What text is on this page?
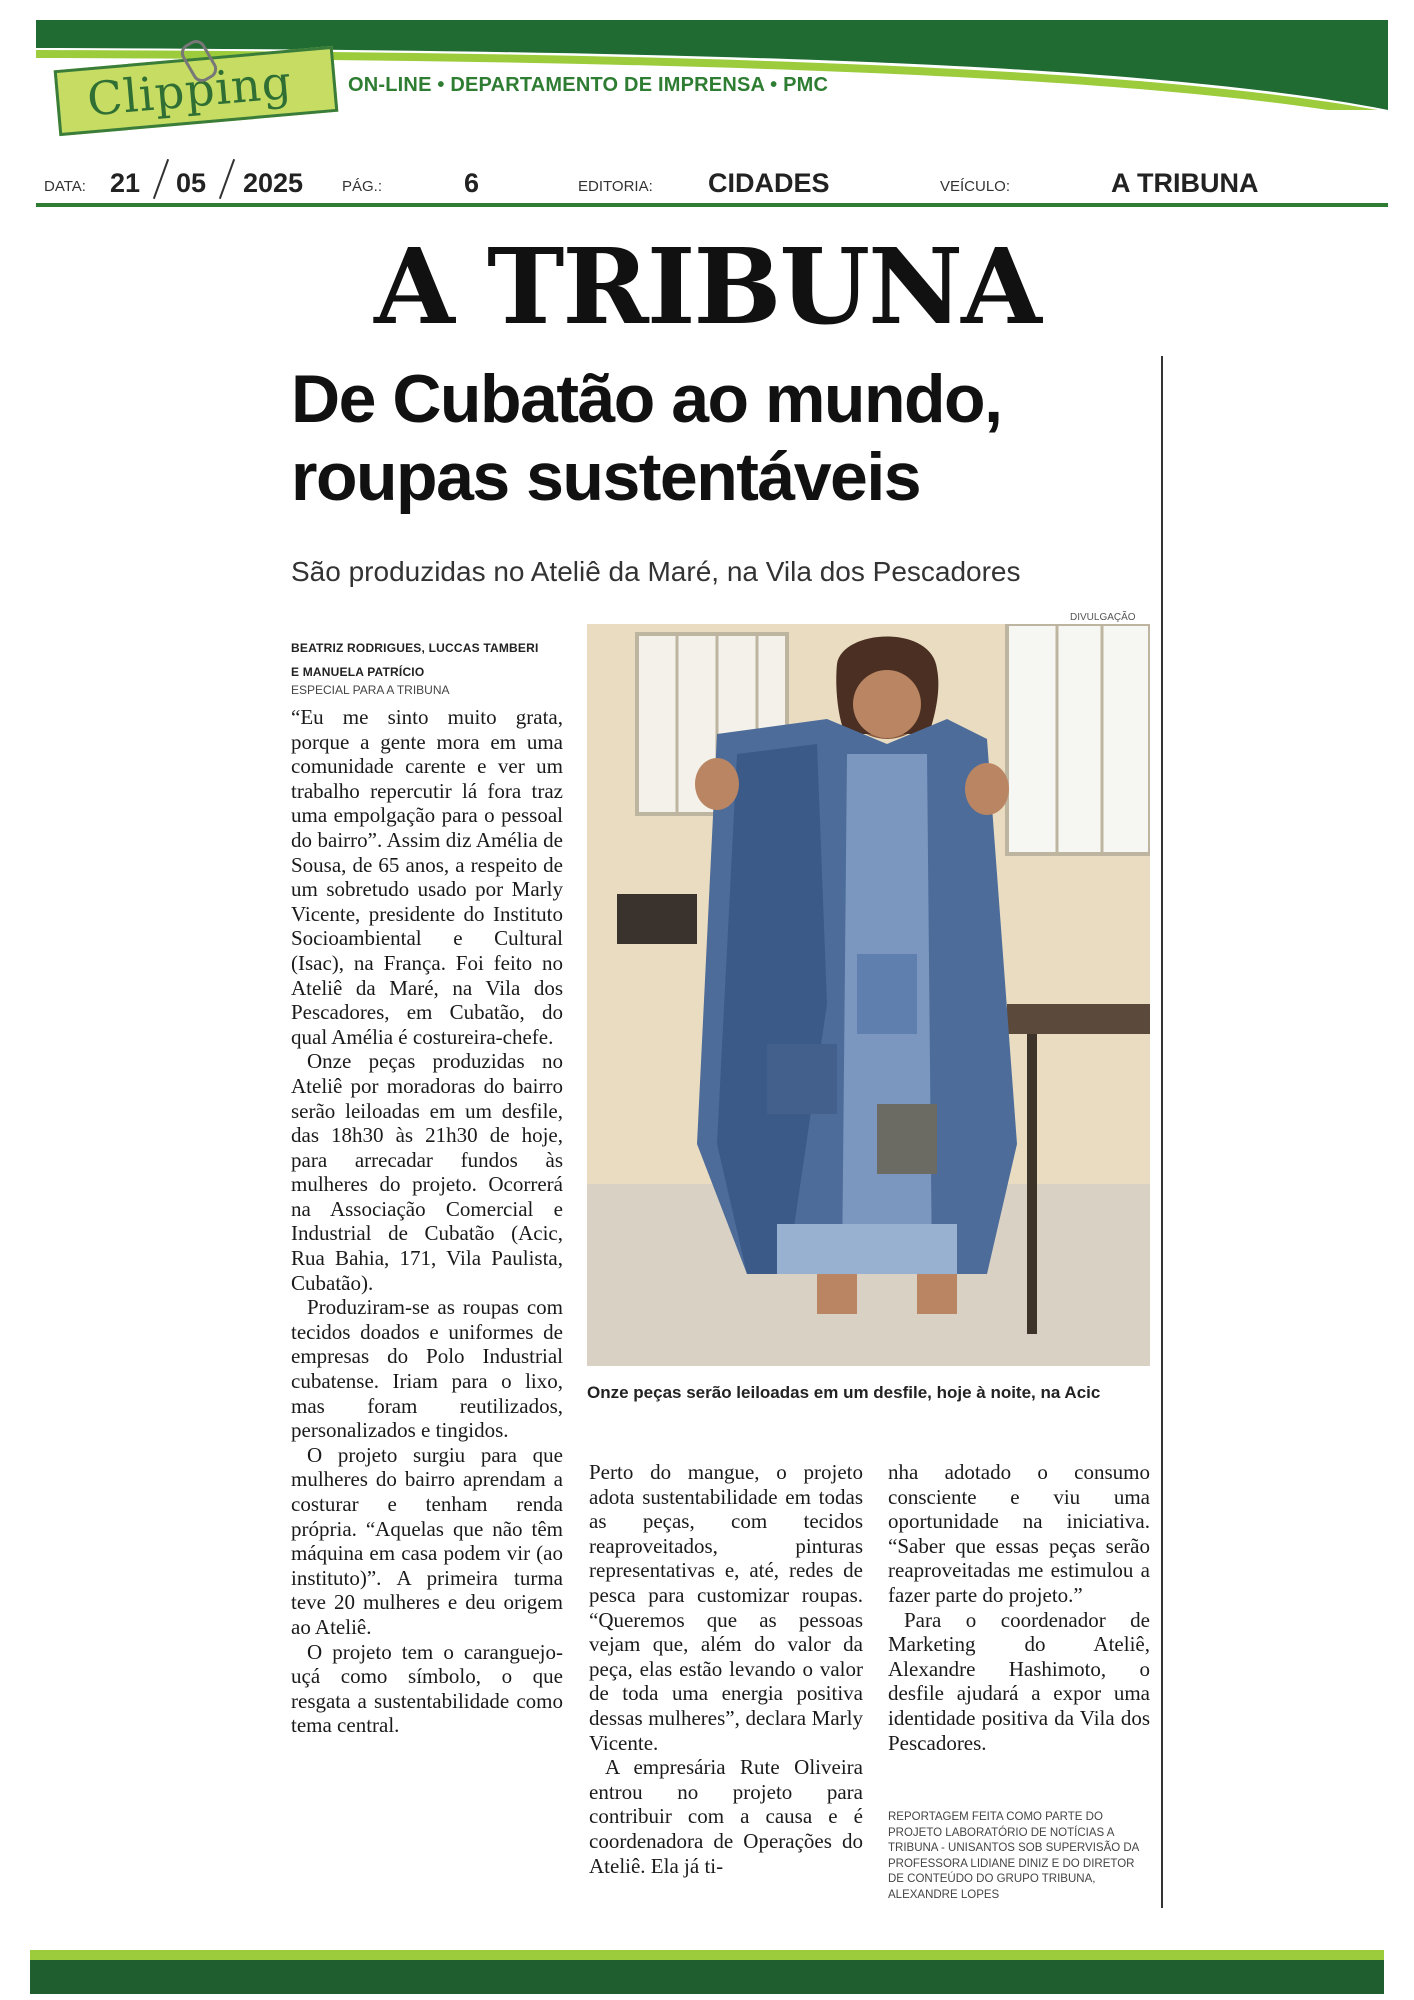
Clipping	ON-LINE • DEPARTAMENTO DE IMPRENSA • PMC
DATA: 21 05 2025	PÁG.:	6	EDITORIA: CIDADES	VEÍCULO:	A TRIBUNA
A TRIBUNA
De Cubatão ao mundo,
roupas sustentáveis
São produzidas no Ateliê da Maré, na Vila dos Pescadores
BEATRIZ RODRIGUES, LUCCAS TAMBERI
E MANUELA PATRÍCIO
ESPECIAL PARA A TRIBUNA
DIVULGAÇÃO
Onze peças serão leiloadas em um desfile, hoje à noite, na Acic

“Eu me sinto muito grata, porque a gente mora em uma comunidade carente e ver um trabalho repercutir lá fora traz uma empolgação para o pessoal do bairro”. Assim diz Amélia de Sousa, de 65 anos, a respeito de um sobretudo usado por Marly Vicente, presidente do Instituto Socioambiental e Cultural (Isac), na França. Foi feito no Ateliê da Maré, na Vila dos Pescadores, em Cubatão, do qual Amélia é costureira-chefe.

Onze peças produzidas no Ateliê por moradoras do bairro serão leiloadas em um desfile, das 18h30 às 21h30 de hoje, para arrecadar fundos às mulheres do projeto. Ocorrerá na Associação Comercial e Industrial de Cubatão (Acic, Rua Bahia, 171, Vila Paulista, Cubatão).

Produziram-se as roupas com tecidos doados e uniformes de empresas do Polo Industrial cubatense. Iriam para o lixo, mas foram reutilizados, personalizados e tingidos.

O projeto surgiu para que mulheres do bairro aprendam a costurar e tenham renda própria. “Aquelas que não têm máquina em casa podem vir (ao instituto)”. A primeira turma teve 20 mulheres e deu origem ao Ateliê.

O projeto tem o caranguejo-uçá como símbolo, o que resgata a sustentabilidade como tema central.

Perto do mangue, o projeto adota sustentabilidade em todas as peças, com tecidos reaproveitados, pinturas representativas e, até, redes de pesca para customizar roupas. “Queremos que as pessoas vejam que, além do valor da peça, elas estão levando o valor de toda uma energia positiva dessas mulheres”, declara Marly Vicente.

A empresária Rute Oliveira entrou no projeto para contribuir com a causa e é coordenadora de Operações do Ateliê. Ela já ti-

nha adotado o consumo consciente e viu uma oportunidade na iniciativa. “Saber que essas peças serão reaproveitadas me estimulou a fazer parte do projeto.”

Para o coordenador de Marketing do Ateliê, Alexandre Hashimoto, o desfile ajudará a expor uma identidade positiva da Vila dos Pescadores.

REPORTAGEM FEITA COMO PARTE DO PROJETO LABORATÓRIO DE NOTÍCIAS A TRIBUNA - UNISANTOS SOB SUPERVISÃO DA PROFESSORA LIDIANE DINIZ E DO DIRETOR DE CONTEÚDO DO GRUPO TRIBUNA, ALEXANDRE LOPES
